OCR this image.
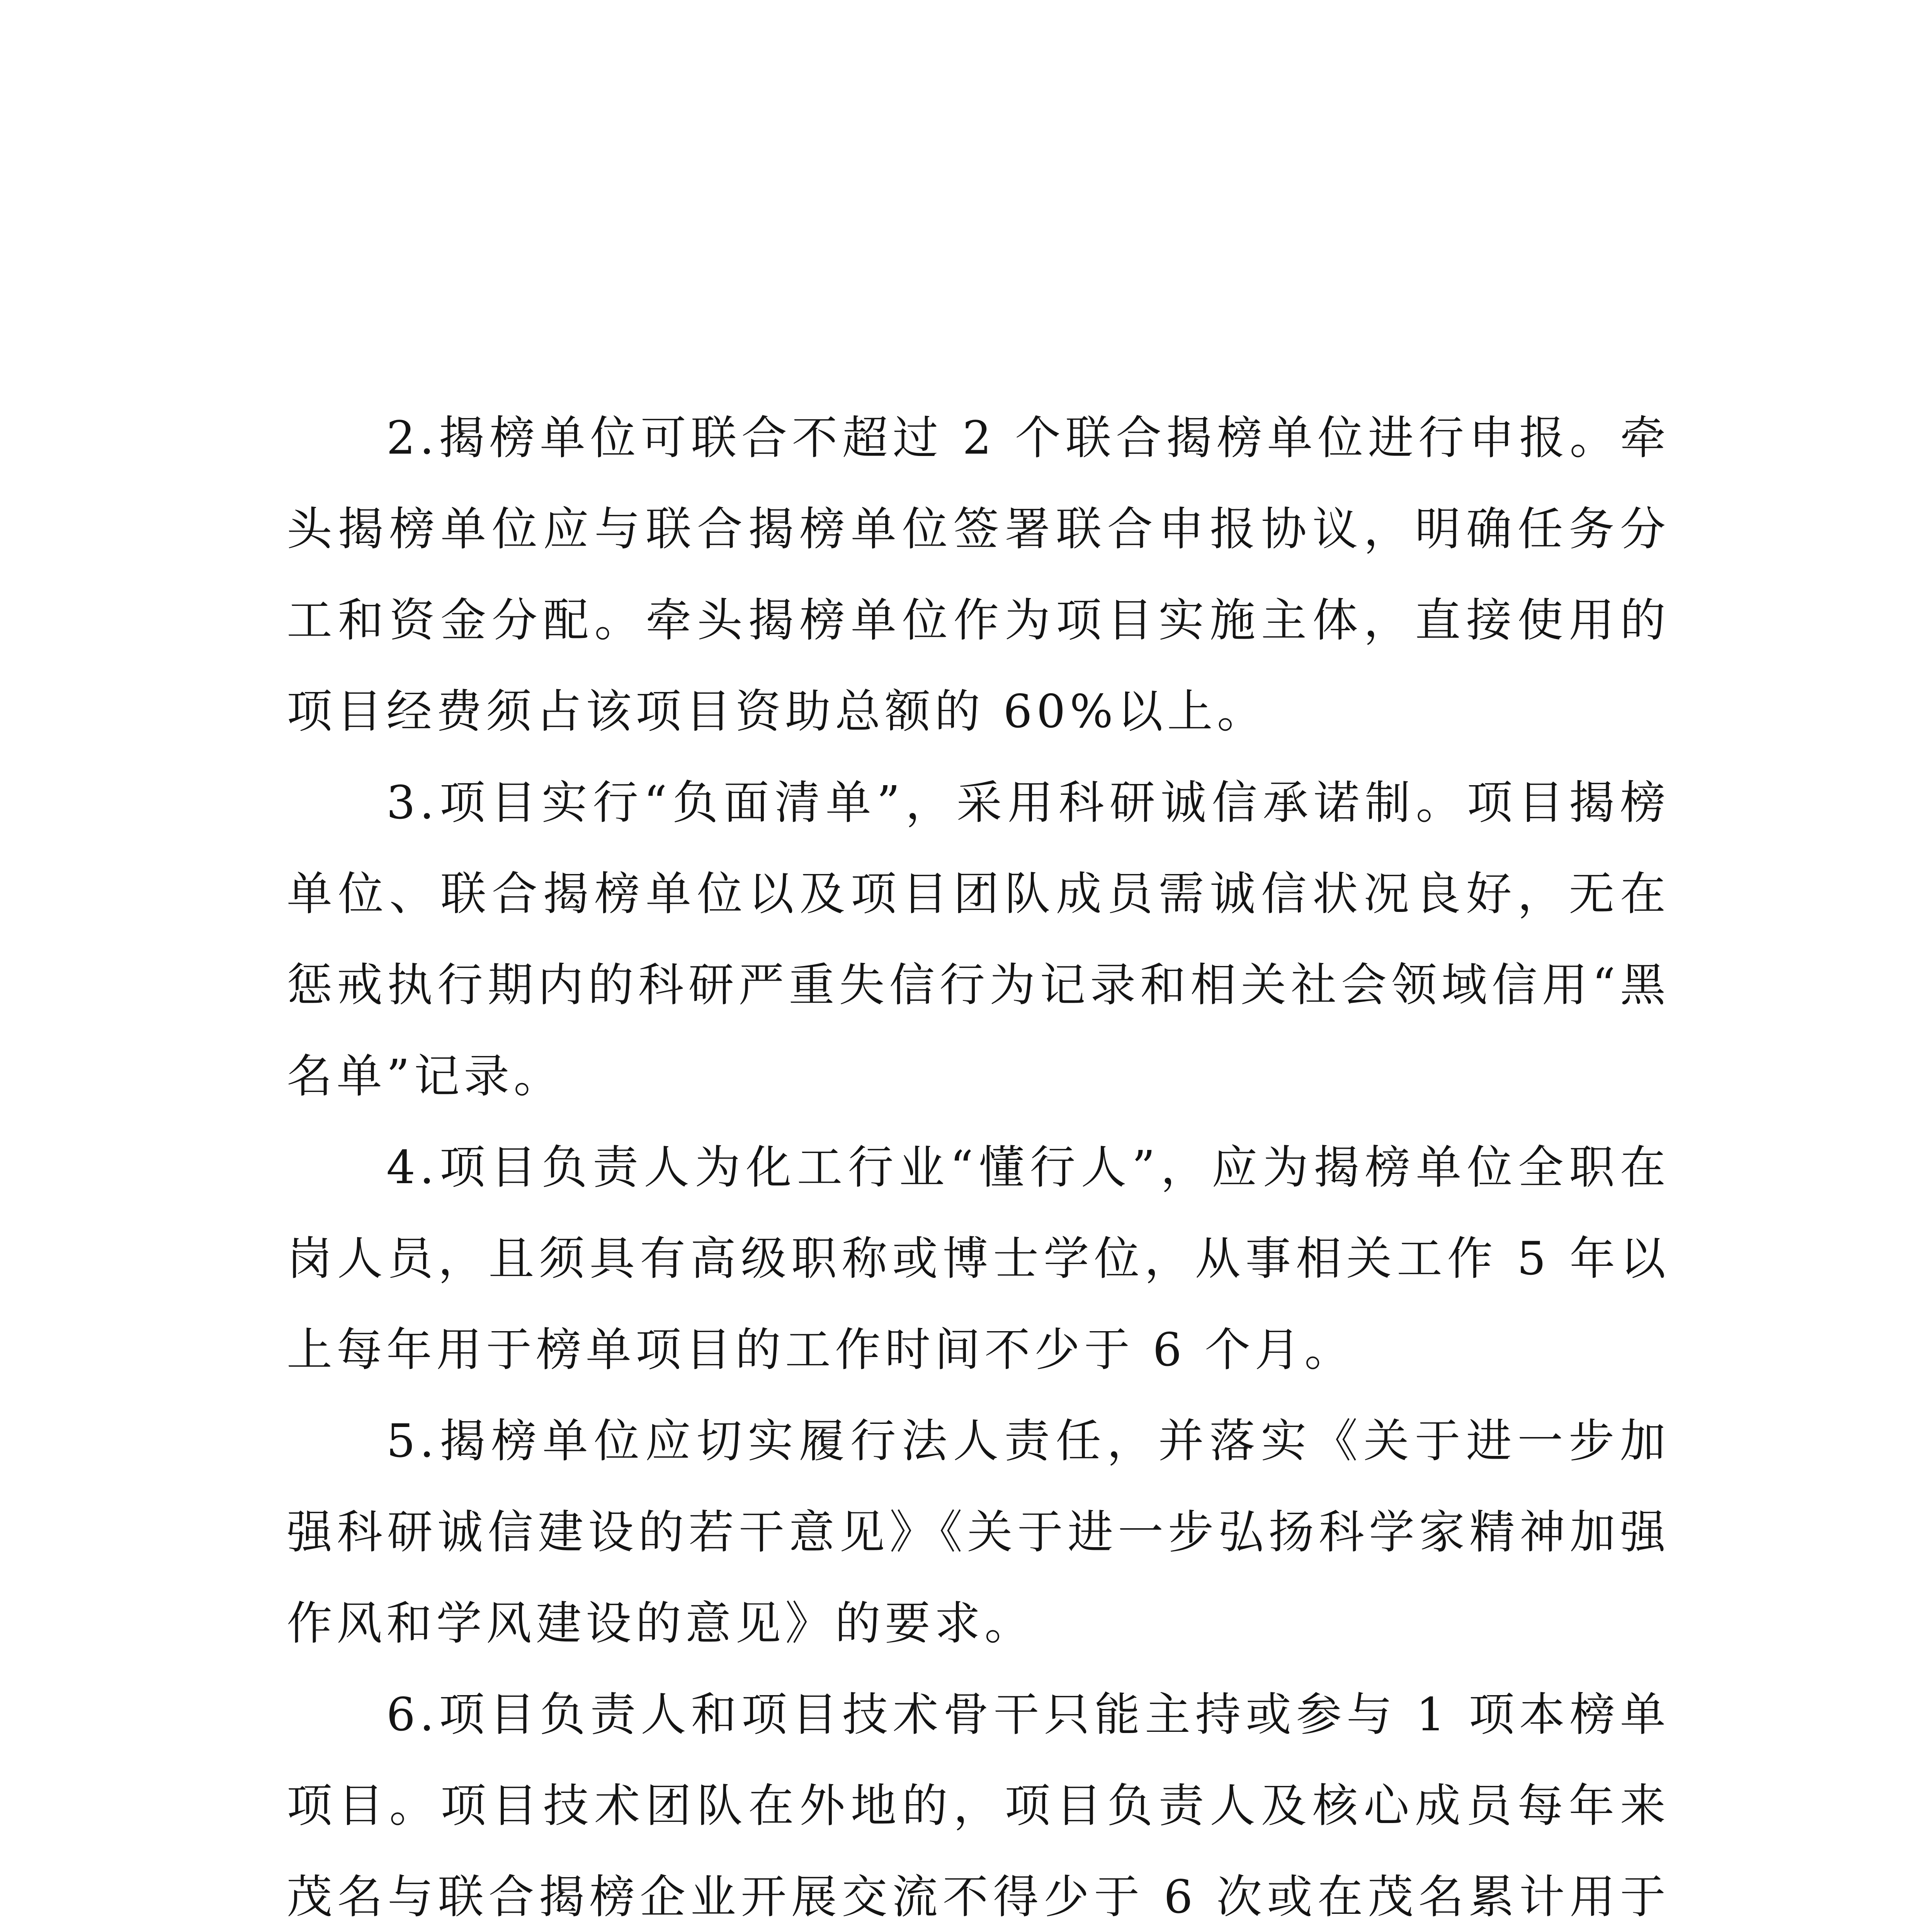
2.揭榜单位可联合不超过 2 个联合揭榜单位进行申报。牵头揭榜单位应与联合揭榜单位签署联合申报协议，明确任务分工和资金分配。牵头揭榜单位作为项目实施主体，直接使用的项目经费须占该项目资助总额的 60%以上。

3.项目实行“负面清单”，采用科研诚信承诺制。项目揭榜单位、联合揭榜单位以及项目团队成员需诚信状况良好，无在惩戒执行期内的科研严重失信行为记录和相关社会领域信用“黑名单”记录。

4.项目负责人为化工行业“懂行人”，应为揭榜单位全职在岗人员，且须具有高级职称或博士学位，从事相关工作 5 年以上每年用于榜单项目的工作时间不少于 6 个月。

5.揭榜单位应切实履行法人责任，并落实《关于进一步加强科研诚信建设的若干意见》《关于进一步弘扬科学家精神加强作风和学风建设的意见》的要求。

6.项目负责人和项目技术骨干只能主持或参与 1 项本榜单项目。项目技术团队在外地的，项目负责人及核心成员每年来茂名与联合揭榜企业开展交流不得少于 6 次或在茂名累计用于
